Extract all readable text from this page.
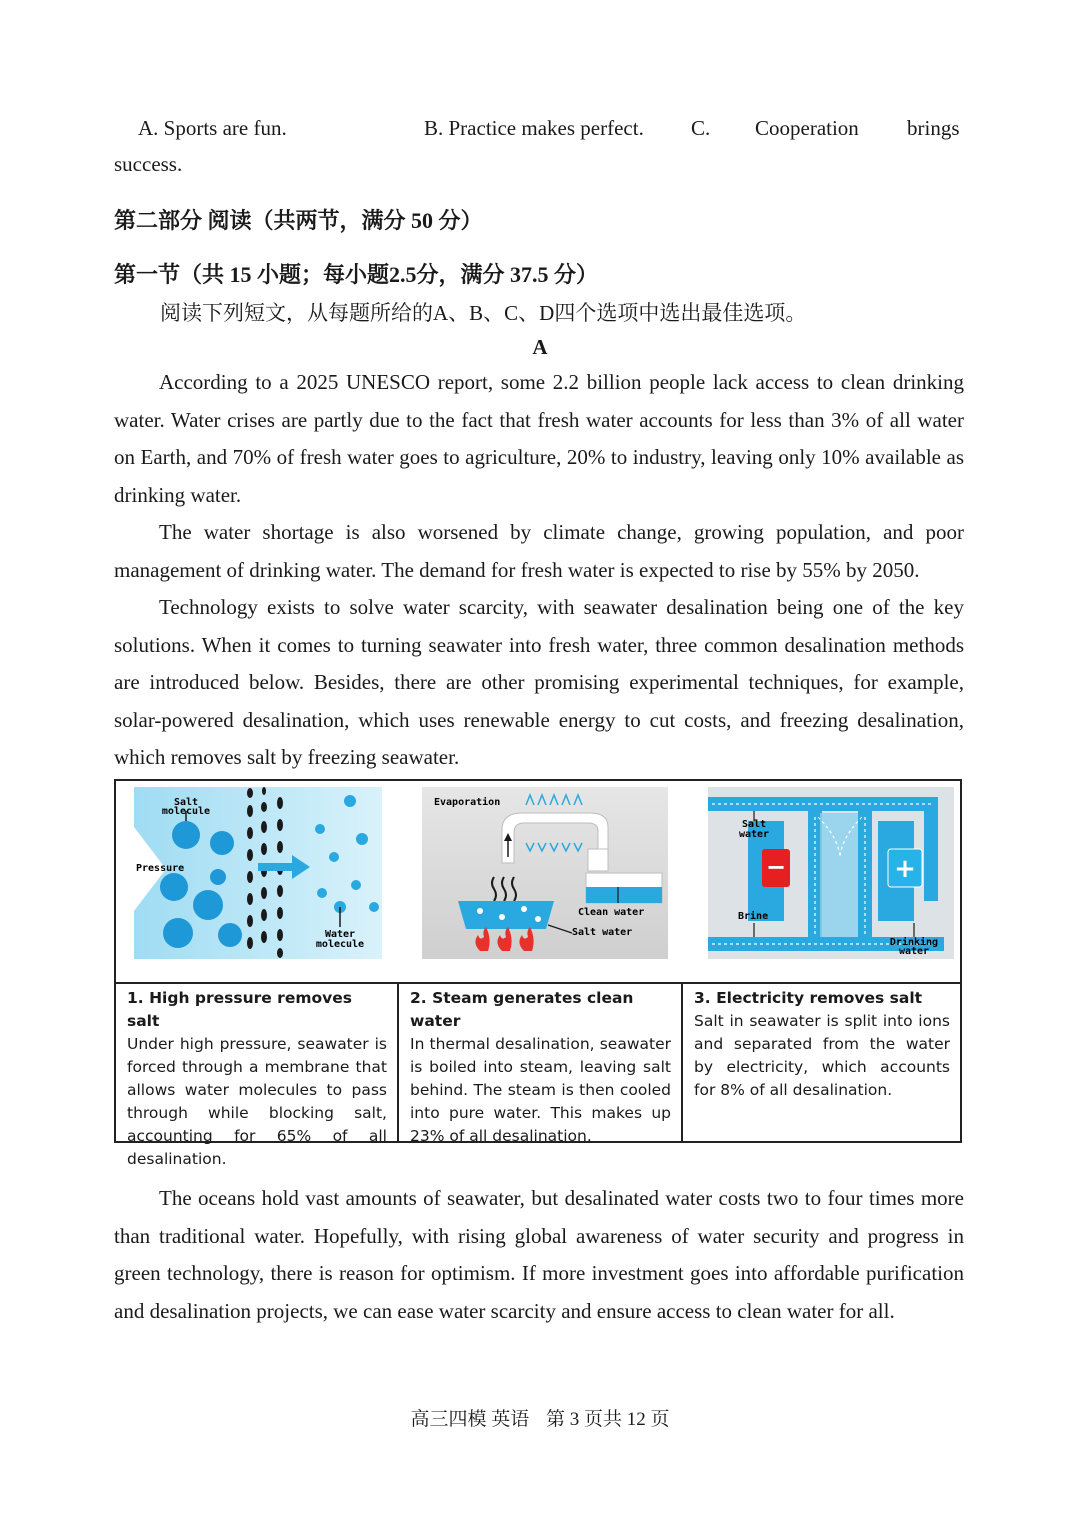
A. Sports are fun.	B. Practice makes perfect. C. Cooperation brings
success.
第二部分 阅读（共两节，满分 50 分）
第一节（共 15 小题；每小题2.5分，满分 37.5 分）
阅读下列短文，从每题所给的A、B、C、D四个选项中选出最佳选项。
A

According to a 2025 UNESCO report, some 2.2 billion people lack access to clean drinking water. Water crises are partly due to the fact that fresh water accounts for less than 3% of all water on Earth, and 70% of fresh water goes to agriculture, 20% to industry, leaving only 10% available as drinking water.

The water shortage is also worsened by climate change, growing population, and poor management of drinking water. The demand for fresh water is expected to rise by 55% by 2050.

Technology exists to solve water scarcity, with seawater desalination being one of the key solutions. When it comes to turning seawater into fresh water, three common desalination methods are introduced below. Besides, there are other promising experimental techniques, for example, solar-powered desalination, which uses renewable energy to cut costs, and freezing desalination, which removes salt by freezing seawater.

Salt
molecule
Pressure
Water
molecule
Evaporation
Clean water
Salt water
Salt
water
−	+
Brine
Drinking
water
1. High pressure removes salt
Under high pressure, seawater is forced through a membrane that allows water molecules to pass through while blocking salt, accounting for 65% of all desalination.
2. Steam generates clean water
In thermal desalination, seawater is boiled into steam, leaving salt behind. The steam is then cooled into pure water. This makes up 23% of all desalination.
3. Electricity removes salt
Salt in seawater is split into ions and separated from the water by electricity, which accounts for 8% of all desalination.

The oceans hold vast amounts of seawater, but desalinated water costs two to four times more than traditional water. Hopefully, with rising global awareness of water security and progress in green technology, there is reason for optimism. If more investment goes into affordable purification and desalination projects, we can ease water scarcity and ensure access to clean water for all.

高三四模 英语 第 3 页共 12 页
